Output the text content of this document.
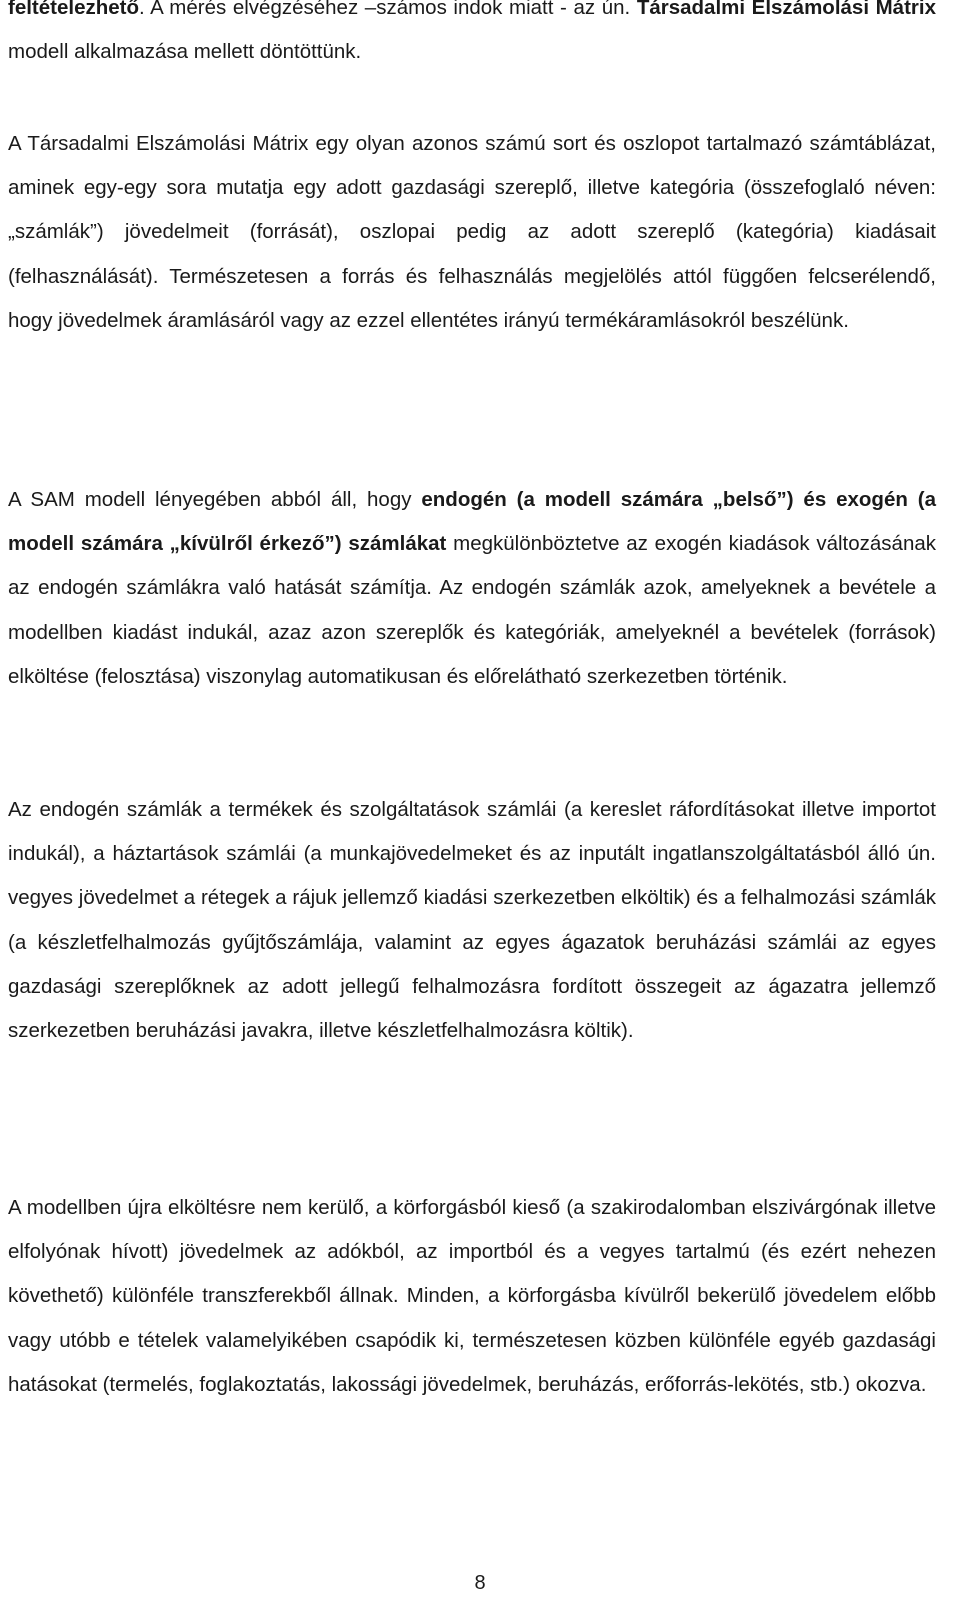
feltételezhető. A mérés elvégzéséhez –számos indok miatt - az ún. Társadalmi Elszámolási Mátrix modell alkalmazása mellett döntöttünk.

A Társadalmi Elszámolási Mátrix egy olyan azonos számú sort és oszlopot tartalmazó számtáblázat, aminek egy-egy sora mutatja egy adott gazdasági szereplő, illetve kategória (összefoglaló néven: „számlák”) jövedelmeit (forrását), oszlopai pedig az adott szereplő (kategória) kiadásait (felhasználását). Természetesen a forrás és felhasználás megjelölés attól függően felcserélendő, hogy jövedelmek áramlásáról vagy az ezzel ellentétes irányú termékáramlásokról beszélünk.

A SAM modell lényegében abból áll, hogy endogén (a modell számára „belső”) és exogén (a modell számára „kívülről érkező”) számlákat megkülönböztetve az exogén kiadások változásának az endogén számlákra való hatását számítja. Az endogén számlák azok, amelyeknek a bevétele a modellben kiadást indukál, azaz azon szereplők és kategóriák, amelyeknél a bevételek (források) elköltése (felosztása) viszonylag automatikusan és előrelátható szerkezetben történik.

Az endogén számlák a termékek és szolgáltatások számlái (a kereslet ráfordításokat illetve importot indukál), a háztartások számlái (a munkajövedelmeket és az inputált ingatlanszolgáltatásból álló ún. vegyes jövedelmet a rétegek a rájuk jellemző kiadási szerkezetben elköltik) és a felhalmozási számlák (a készletfelhalmozás gyűjtőszámlája, valamint az egyes ágazatok beruházási számlái az egyes gazdasági szereplőknek az adott jellegű felhalmozásra fordított összegeit az ágazatra jellemző szerkezetben beruházási javakra, illetve készletfelhalmozásra költik).

A modellben újra elköltésre nem kerülő, a körforgásból kieső (a szakirodalomban elszivárgónak illetve elfolyónak hívott) jövedelmek az adókból, az importból és a vegyes tartalmú (és ezért nehezen követhető) különféle transzferekből állnak. Minden, a körforgásba kívülről bekerülő jövedelem előbb vagy utóbb e tételek valamelyikében csapódik ki, természetesen közben különféle egyéb gazdasági hatásokat (termelés, foglakoztatás, lakossági jövedelmek, beruházás, erőforrás-lekötés, stb.) okozva.

8
